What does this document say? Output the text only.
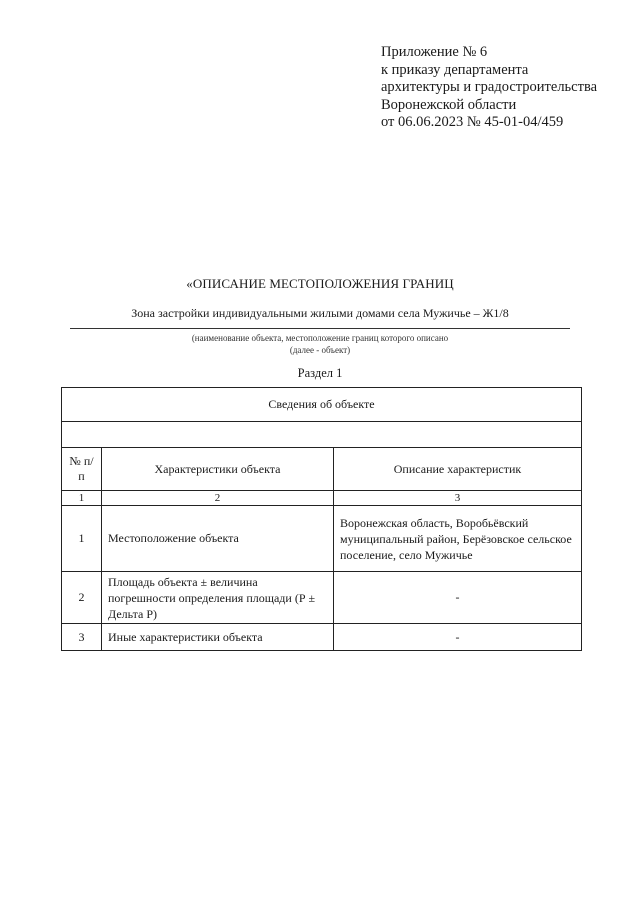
Приложение № 6
к приказу департамента
архитектуры и градостроительства
Воронежской области
от 06.06.2023 № 45-01-04/459
«ОПИСАНИЕ МЕСТОПОЛОЖЕНИЯ ГРАНИЦ
Зона застройки индивидуальными жилыми домами села Мужичье – Ж1/8
(наименование объекта, местоположение границ которого описано
(далее - объект)
Раздел 1
Сведения об объекте		

№ п/п	Характеристики объекта	Описание характеристик
1	2	3
1	Местоположение объекта	Воронежская область, Воробьёвский муниципальный район, Берёзовское сельское поселение, село Мужичье
2	Площадь объекта ± величина погрешности определения площади (Р ± Дельта Р)	-
3	Иные характеристики объекта	-
